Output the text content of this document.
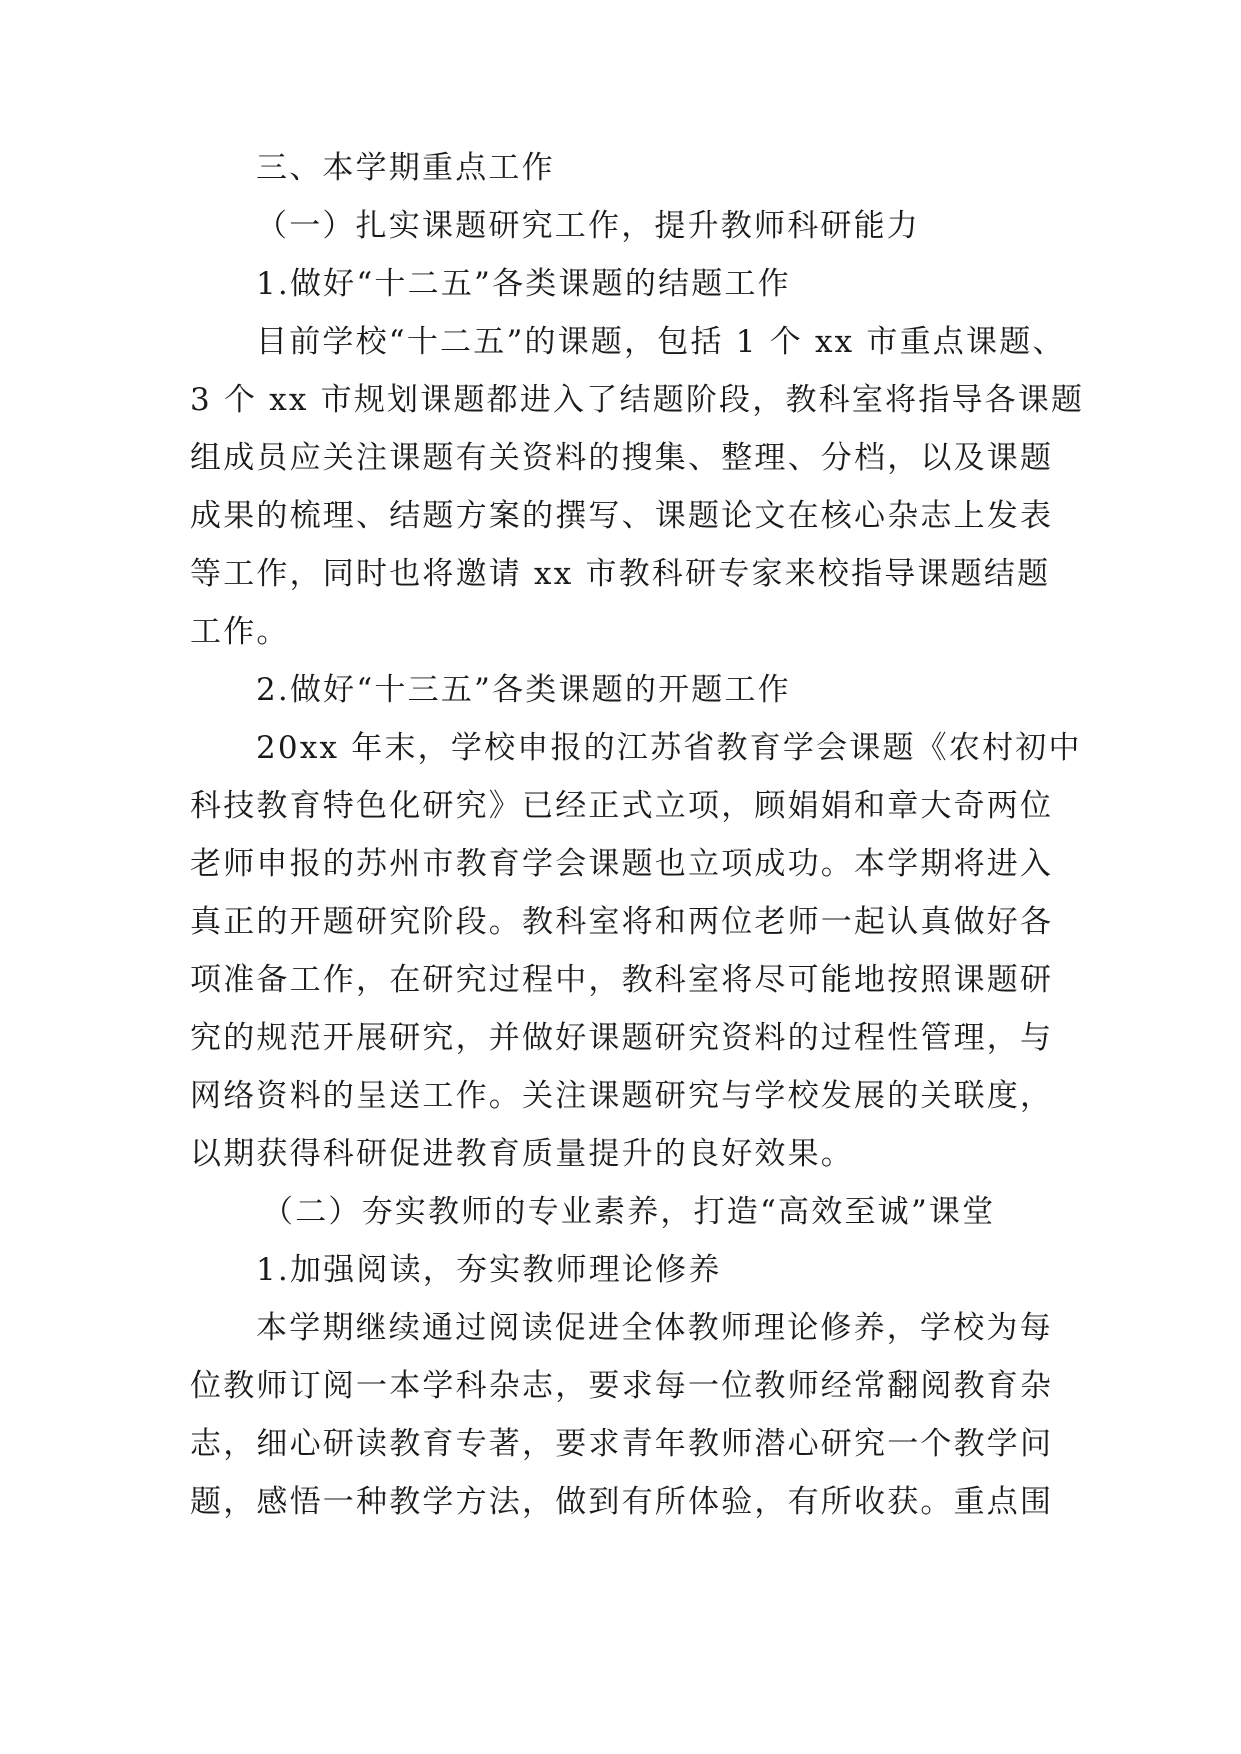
三、本学期重点工作
（一）扎实课题研究工作，提升教师科研能力
1.做好“十二五”各类课题的结题工作
目前学校“十二五”的课题，包括 1 个 xx 市重点课题、
3 个 xx 市规划课题都进入了结题阶段，教科室将指导各课题
组成员应关注课题有关资料的搜集、整理、分档，以及课题
成果的梳理、结题方案的撰写、课题论文在核心杂志上发表
等工作，同时也将邀请 xx 市教科研专家来校指导课题结题
工作。
2.做好“十三五”各类课题的开题工作
20xx 年末，学校申报的江苏省教育学会课题《农村初中
科技教育特色化研究》已经正式立项，顾娟娟和章大奇两位
老师申报的苏州市教育学会课题也立项成功。本学期将进入
真正的开题研究阶段。教科室将和两位老师一起认真做好各
项准备工作，在研究过程中，教科室将尽可能地按照课题研
究的规范开展研究，并做好课题研究资料的过程性管理，与
网络资料的呈送工作。关注课题研究与学校发展的关联度，
以期获得科研促进教育质量提升的良好效果。
（二）夯实教师的专业素养，打造“高效至诚”课堂
1.加强阅读，夯实教师理论修养
本学期继续通过阅读促进全体教师理论修养，学校为每
位教师订阅一本学科杂志，要求每一位教师经常翻阅教育杂
志，细心研读教育专著，要求青年教师潜心研究一个教学问
题，感悟一种教学方法，做到有所体验，有所收获。重点围
